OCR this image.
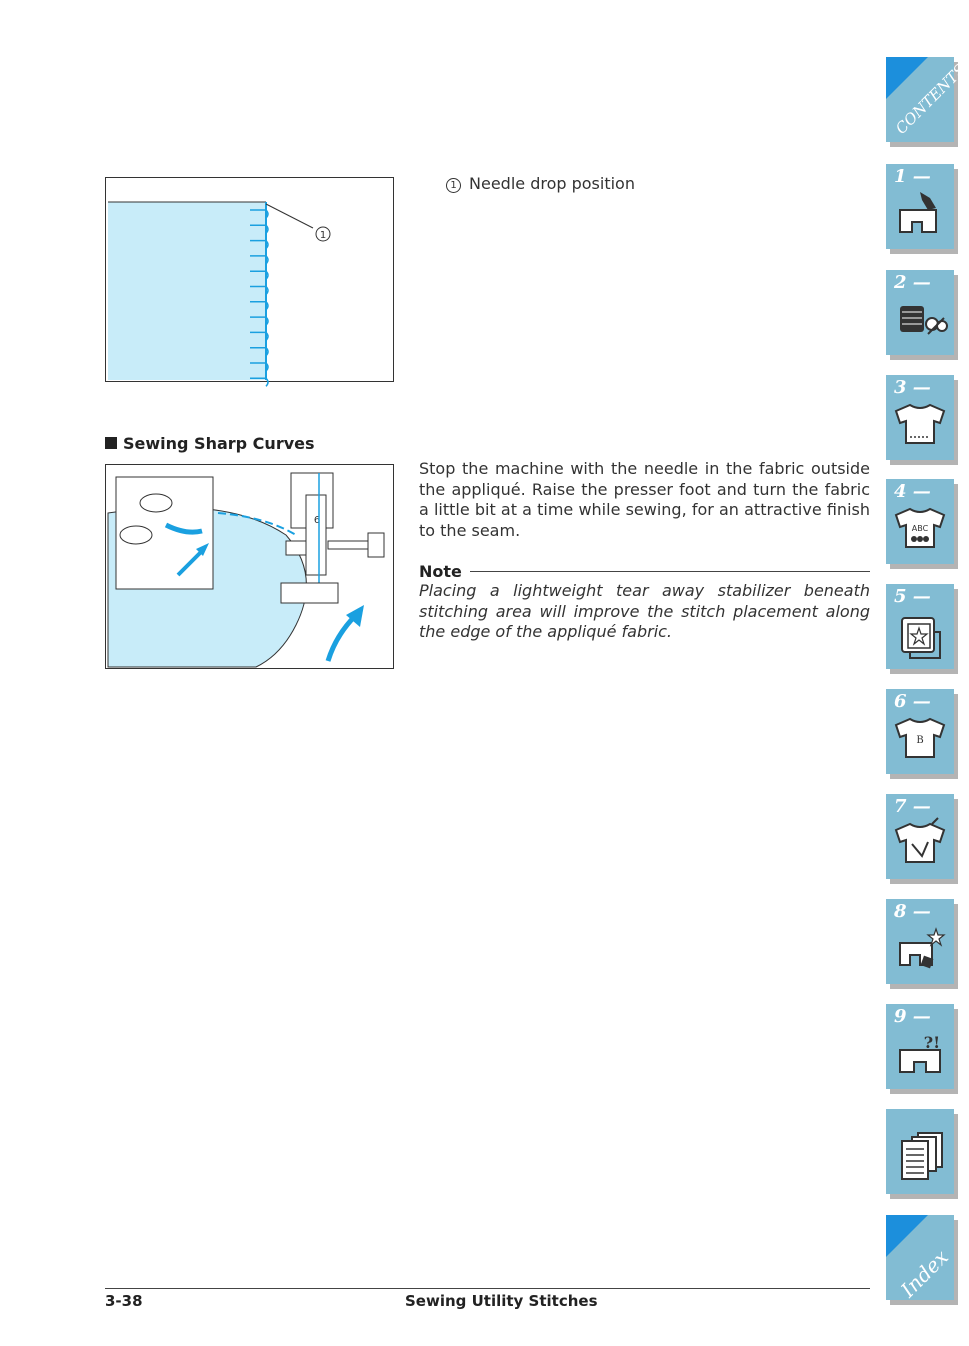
1
1 Needle drop position
Sewing Sharp Curves
6
Stop the machine with the needle in the fabric outside the appliqué. Raise the presser foot and turn the fabric a little bit at a time while sewing, for an attractive finish to the seam.
Note
Placing a lightweight tear away stabilizer beneath stitching area will improve the stitch placement along the edge of the appliqué fabric.
3-38	Sewing Utility Stitches
CONTENTS
1 —
2 —
3 —
4 —
ABC
5 —
6 —
B
7 —
8 —
9 —
?!
Index
